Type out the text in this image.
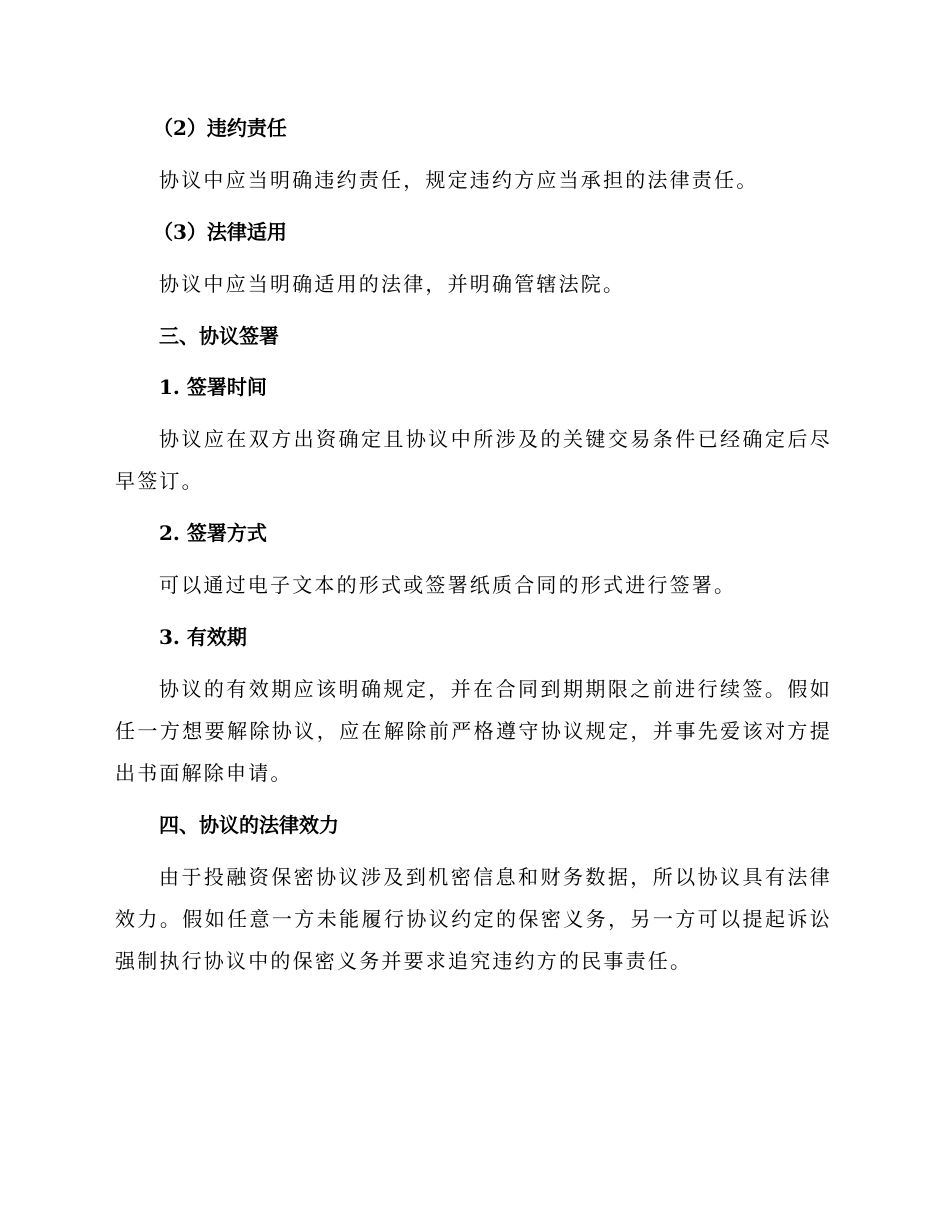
（2）违约责任
协议中应当明确违约责任，规定违约方应当承担的法律责任。
（3）法律适用
协议中应当明确适用的法律，并明确管辖法院。
三、协议签署
1. 签署时间
协议应在双方出资确定且协议中所涉及的关键交易条件已经确定后尽早签订。
2. 签署方式
可以通过电子文本的形式或签署纸质合同的形式进行签署。
3. 有效期
协议的有效期应该明确规定，并在合同到期期限之前进行续签。假如任一方想要解除协议，应在解除前严格遵守协议规定，并事先爱该对方提出书面解除申请。
四、协议的法律效力
由于投融资保密协议涉及到机密信息和财务数据，所以协议具有法律效力。假如任意一方未能履行协议约定的保密义务，另一方可以提起诉讼强制执行协议中的保密义务并要求追究违约方的民事责任。
